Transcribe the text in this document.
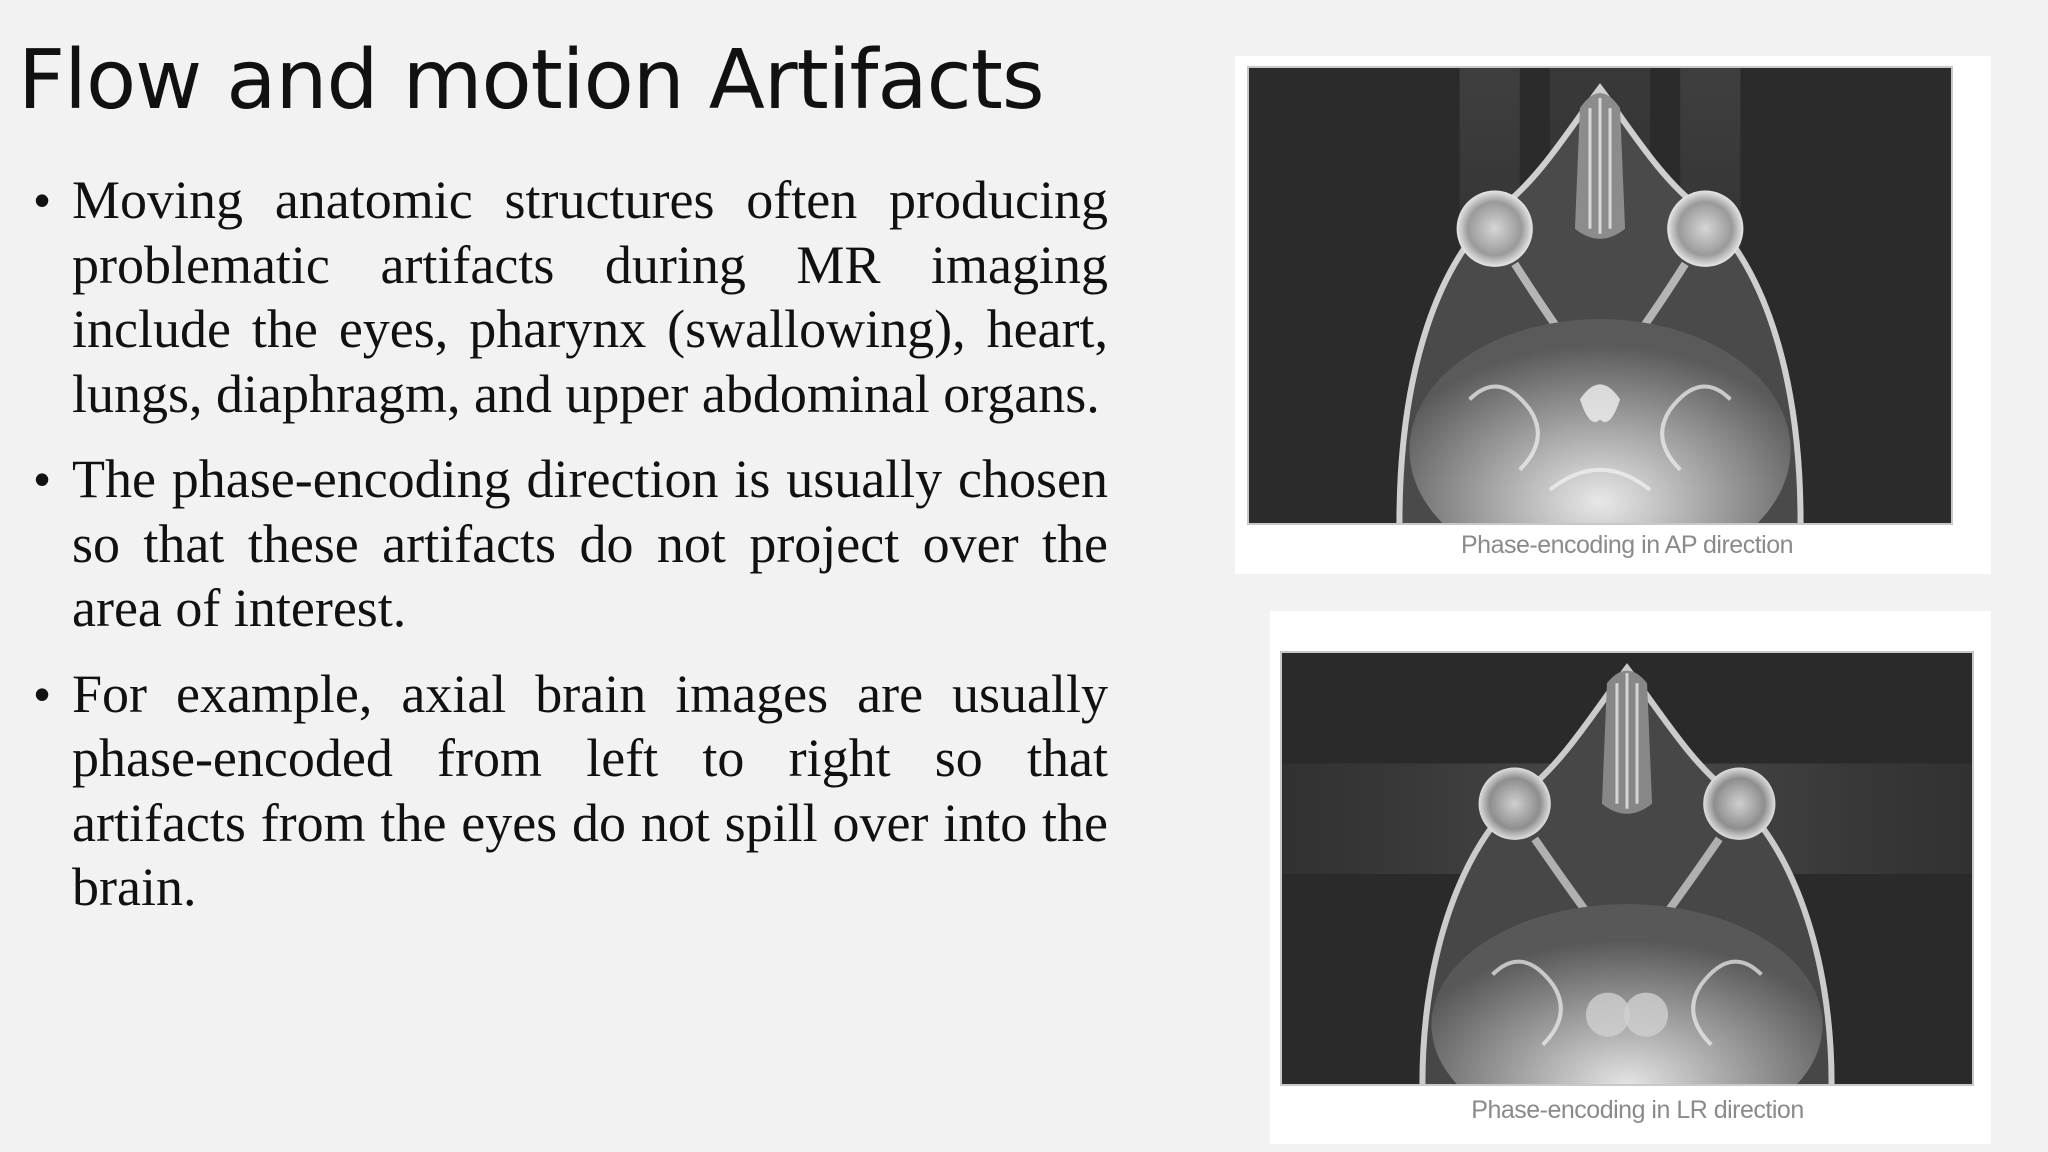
Flow and motion Artifacts
• Moving anatomic structures often producing problematic artifacts during MR imaging include the eyes, pharynx (swallowing), heart, lungs, diaphragm, and upper abdominal organs.
• The phase-encoding direction is usually chosen so that these artifacts do not project over the area of interest.
• For example, axial brain images are usually phase-encoded from left to right so that artifacts from the eyes do not spill over into the brain.
Phase-encoding in AP direction
Phase-encoding in LR direction
